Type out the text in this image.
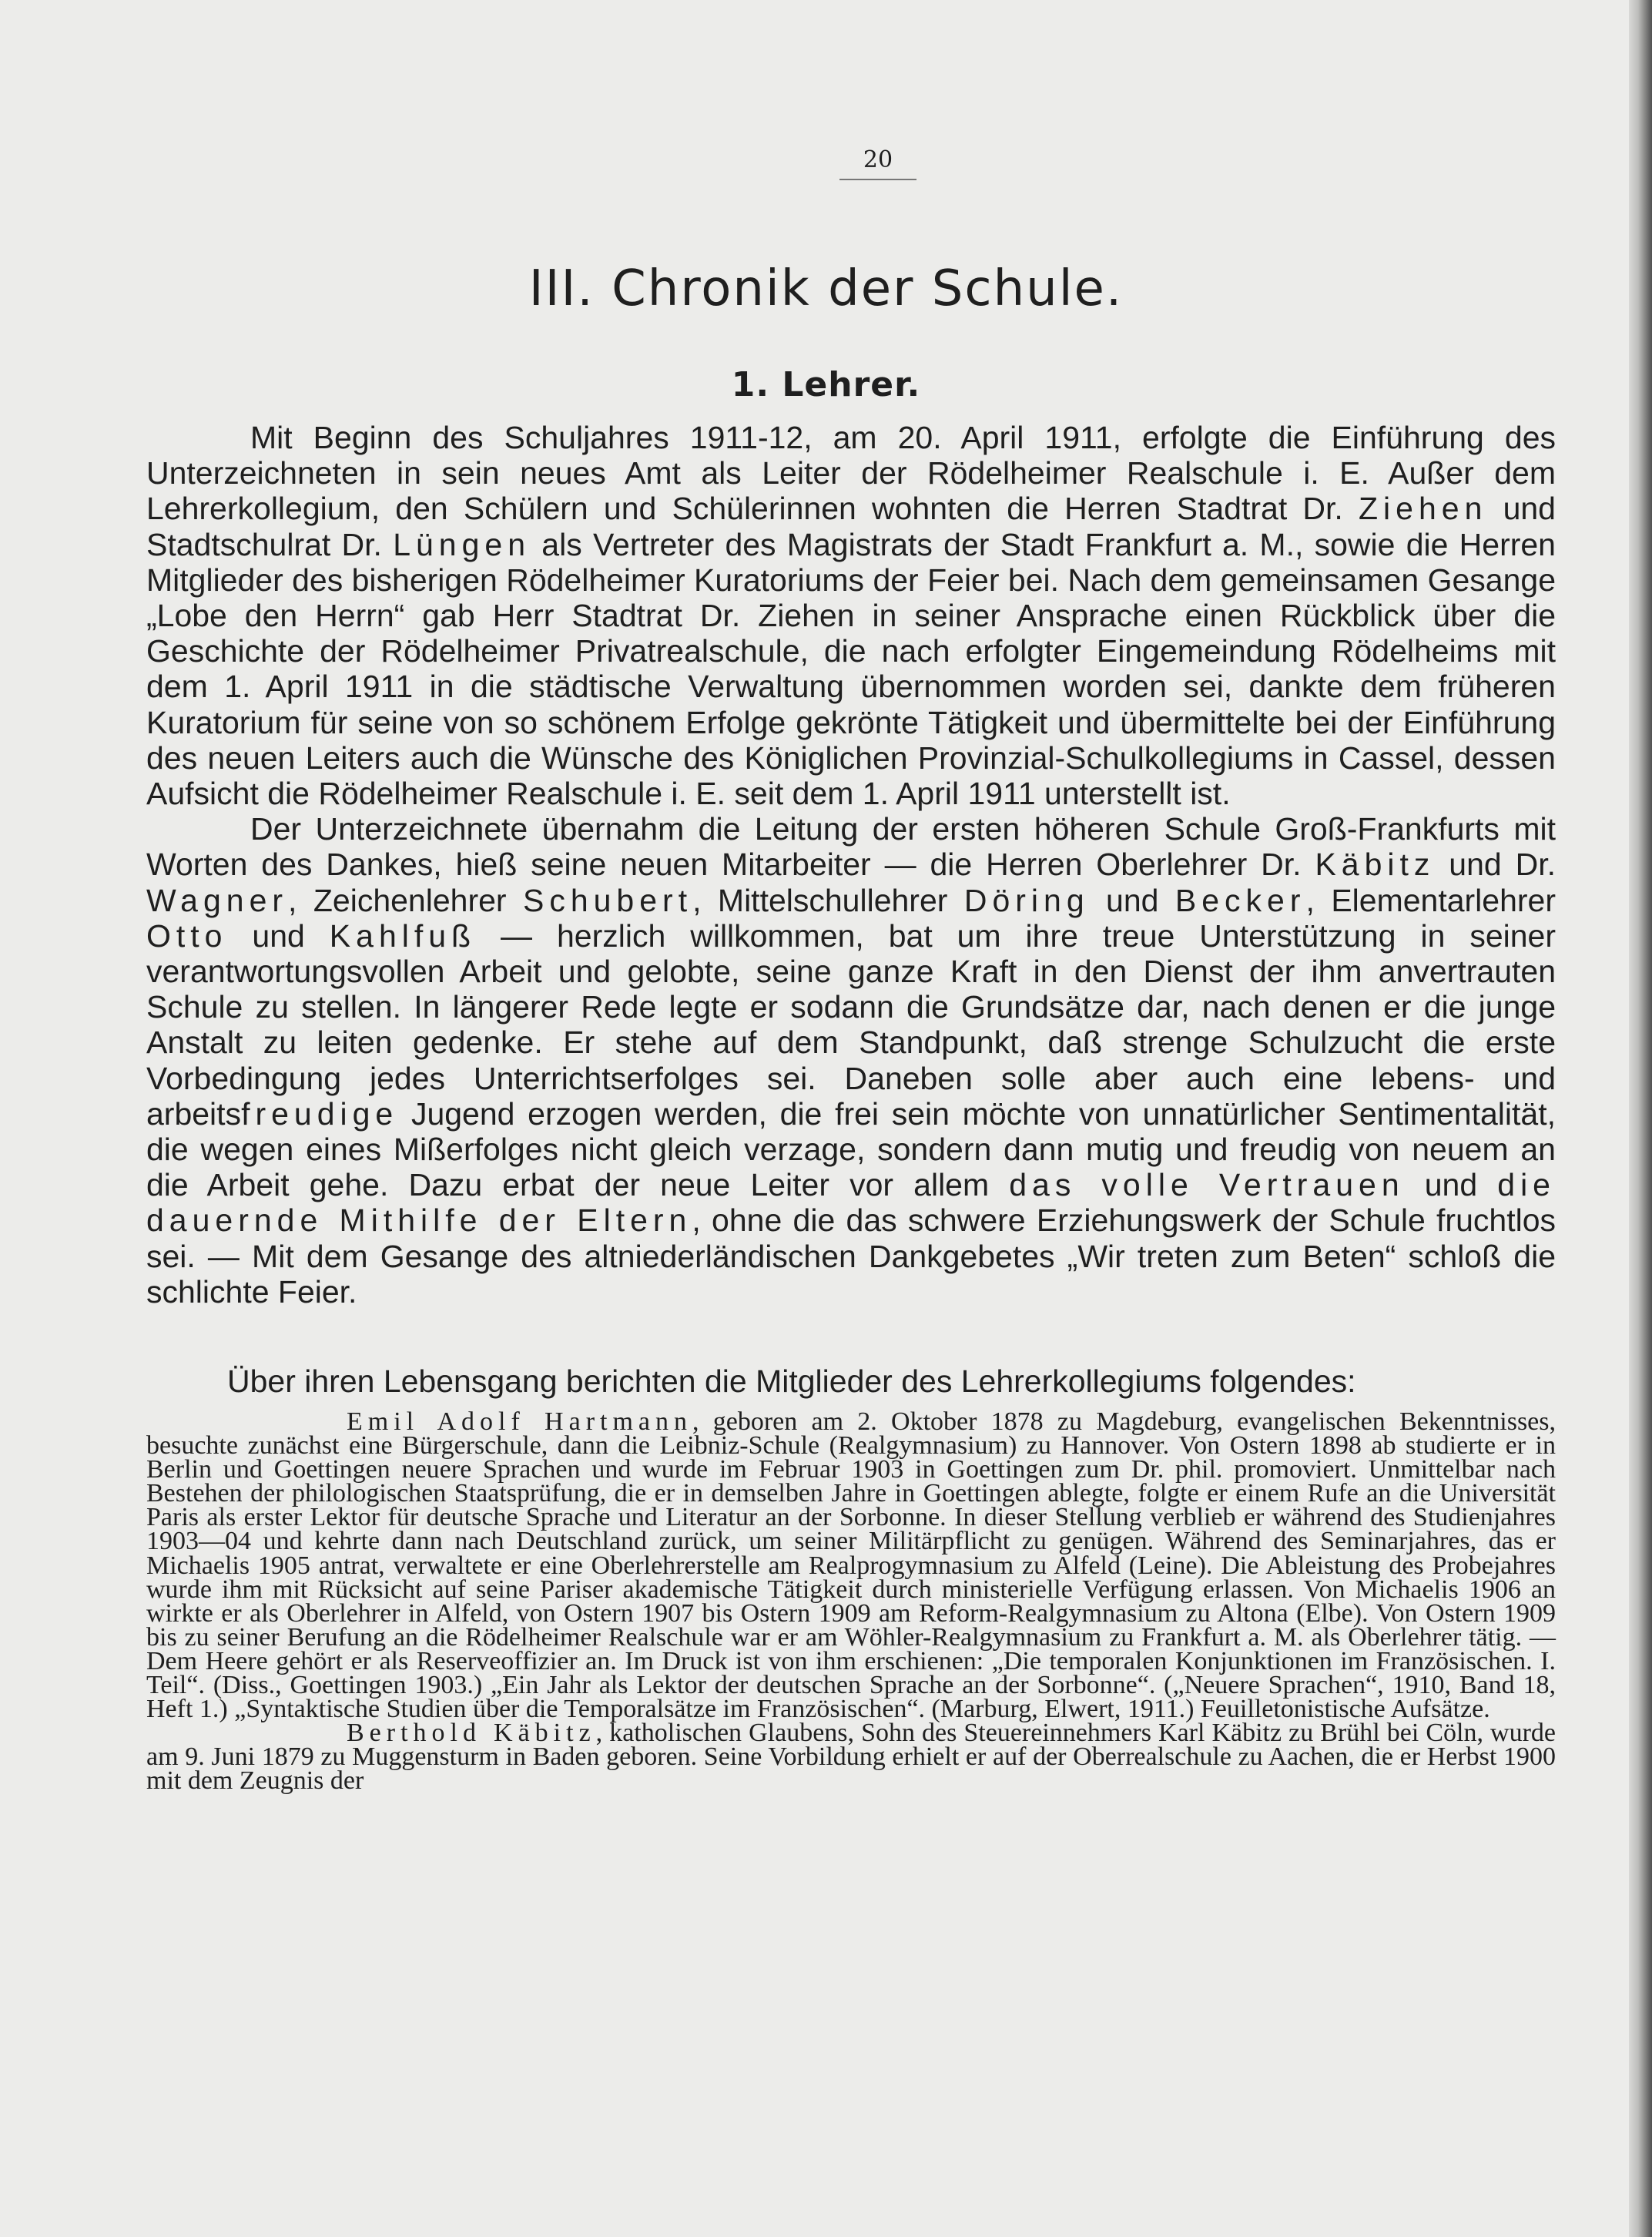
20
III. Chronik der Schule.
1. Lehrer.

Mit Beginn des Schuljahres 1911-12, am 20. April 1911, erfolgte die Einführung des Unterzeichneten in sein neues Amt als Leiter der Rödelheimer Realschule i. E. Außer dem Lehrerkollegium, den Schülern und Schülerinnen wohnten die Herren Stadtrat Dr. Ziehen und Stadtschulrat Dr. Lüngen als Vertreter des Magistrats der Stadt Frankfurt a. M., sowie die Herren Mitglieder des bisherigen Rödelheimer Kuratoriums der Feier bei. Nach dem gemeinsamen Gesange „Lobe den Herrn“ gab Herr Stadtrat Dr. Ziehen in seiner Ansprache einen Rückblick über die Geschichte der Rödelheimer Privatrealschule, die nach erfolgter Eingemeindung Rödelheims mit dem 1. April 1911 in die städtische Verwaltung übernommen worden sei, dankte dem früheren Kuratorium für seine von so schönem Erfolge gekrönte Tätigkeit und übermittelte bei der Einführung des neuen Leiters auch die Wünsche des Königlichen Provinzial-Schulkollegiums in Cassel, dessen Aufsicht die Rödelheimer Realschule i. E. seit dem 1. April 1911 unterstellt ist.

Der Unterzeichnete übernahm die Leitung der ersten höheren Schule Groß-Frankfurts mit Worten des Dankes, hieß seine neuen Mitarbeiter — die Herren Oberlehrer Dr. Käbitz und Dr. Wagner, Zeichenlehrer Schubert, Mittelschullehrer Döring und Becker, Elementarlehrer Otto und Kahlfuß — herzlich willkommen, bat um ihre treue Unterstützung in seiner verantwortungsvollen Arbeit und gelobte, seine ganze Kraft in den Dienst der ihm anvertrauten Schule zu stellen. In längerer Rede legte er sodann die Grundsätze dar, nach denen er die junge Anstalt zu leiten gedenke. Er stehe auf dem Standpunkt, daß strenge Schulzucht die erste Vorbedingung jedes Unterrichtserfolges sei. Daneben solle aber auch eine lebens- und arbeitsfreudige Jugend erzogen werden, die frei sein möchte von unnatürlicher Sentimentalität, die wegen eines Mißerfolges nicht gleich verzage, sondern dann mutig und freudig von neuem an die Arbeit gehe. Dazu erbat der neue Leiter vor allem das volle Vertrauen und die dauernde Mithilfe der Eltern, ohne die das schwere Erziehungswerk der Schule fruchtlos sei. — Mit dem Gesange des altniederländischen Dankgebetes „Wir treten zum Beten“ schloß die schlichte Feier.

Über ihren Lebensgang berichten die Mitglieder des Lehrerkollegiums folgendes:

Emil Adolf Hartmann, geboren am 2. Oktober 1878 zu Magdeburg, evangelischen Bekenntnisses, besuchte zunächst eine Bürgerschule, dann die Leibniz-Schule (Realgymnasium) zu Hannover. Von Ostern 1898 ab studierte er in Berlin und Goettingen neuere Sprachen und wurde im Februar 1903 in Goettingen zum Dr. phil. promoviert. Unmittelbar nach Bestehen der philologischen Staatsprüfung, die er in demselben Jahre in Goettingen ablegte, folgte er einem Rufe an die Universität Paris als erster Lektor für deutsche Sprache und Literatur an der Sorbonne. In dieser Stellung verblieb er während des Studienjahres 1903—04 und kehrte dann nach Deutschland zurück, um seiner Militärpflicht zu genügen. Während des Seminarjahres, das er Michaelis 1905 antrat, verwaltete er eine Oberlehrerstelle am Realprogymnasium zu Alfeld (Leine). Die Ableistung des Probejahres wurde ihm mit Rücksicht auf seine Pariser akademische Tätigkeit durch ministerielle Verfügung erlassen. Von Michaelis 1906 an wirkte er als Oberlehrer in Alfeld, von Ostern 1907 bis Ostern 1909 am Reform-Realgymnasium zu Altona (Elbe). Von Ostern 1909 bis zu seiner Berufung an die Rödelheimer Realschule war er am Wöhler-Realgymnasium zu Frankfurt a. M. als Oberlehrer tätig. — Dem Heere gehört er als Reserveoffizier an. Im Druck ist von ihm erschienen: „Die temporalen Konjunktionen im Französischen. I. Teil“. (Diss., Goettingen 1903.) „Ein Jahr als Lektor der deutschen Sprache an der Sorbonne“. („Neuere Sprachen“, 1910, Band 18, Heft 1.) „Syntaktische Studien über die Temporalsätze im Französischen“. (Marburg, Elwert, 1911.) Feuilletonistische Aufsätze.

Berthold Käbitz, katholischen Glaubens, Sohn des Steuereinnehmers Karl Käbitz zu Brühl bei Cöln, wurde am 9. Juni 1879 zu Muggensturm in Baden geboren. Seine Vorbildung erhielt er auf der Oberrealschule zu Aachen, die er Herbst 1900 mit dem Zeugnis der
